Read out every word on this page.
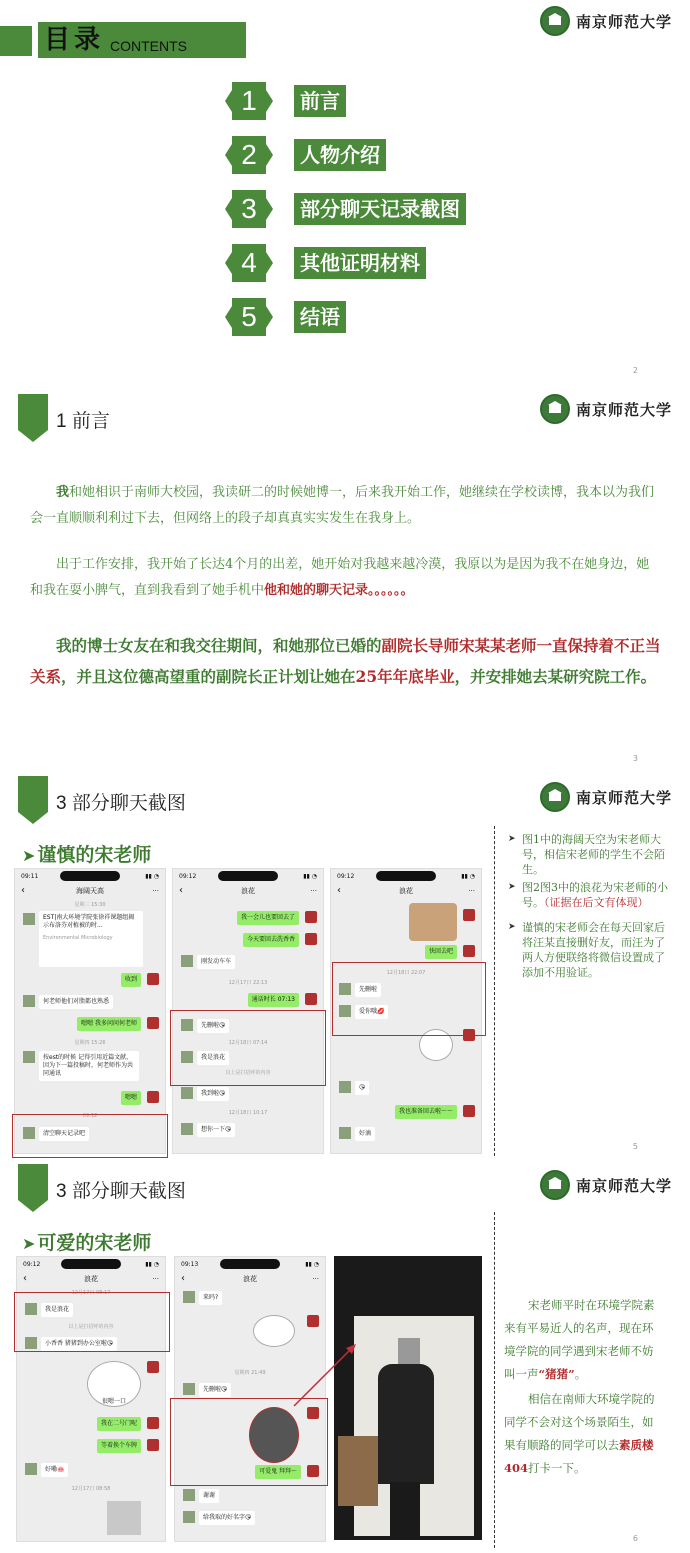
目录 CONTENTS
南京师范大学
1	前言
2	人物介绍
3	部分聊天记录截图
4	其他证明材料
5	结语
2
1 前言
南京师范大学

我和她相识于南师大校园，我读研二的时候她博一，后来我开始工作，她继续在学校读博，我本以为我们会一直顺顺利利过下去，但网络上的段子却真真实实发生在我身上。

出于工作安排，我开始了长达4个月的出差，她开始对我越来越冷漠，我原以为是因为我不在她身边，她和我在耍小脾气，直到我看到了她手机中他和她的聊天记录。。。。。。

我的博士女友在和我交往期间，和她那位已婚的副院长导师宋某某老师一直保持着不正当关系，并且这位德高望重的副院长正计划让她在25年年底毕业，并安排她去某研究院工作。

3
3 部分聊天截图	南京师范大学
➤ 谨慎的宋老师
09:11	▮▮ ◔
‹ 海阔天高 ···
星期三 15:30
EST|南大环境学院张徐祥课题组揭示布洛芬对植被的时...
Environmental Microbiology
收到
何老师他们对脂都也熟悉
嗯嗯 我多问问何老师
星期四 15:26
按est的时候 记得引用近篇文献，因为下一篇投稿时，何老师作为共同通讯
嗯嗯
09:12
清空聊天记录吧
09:12	▮▮ ◔
‹ 浪花 ···
我一会儿也要回去了
今天要回去洗香香
刚发动车车
12月17日 22:13
通话时长 07:13
先删啦😘
12月18日 07:14
我是浪花
以上是打招呼的内容
我到啦😘
12月18日 10:17
想你一下😘
09:12	▮▮ ◔
‹ 浪花 ···
快回去吧
12月18日 22:07
先删啦
爱你哦💋
😘
我也准备回去啦～～
好滴
➤ 图1中的海阔天空为宋老师大号，相信宋老师的学生不会陌生。
➤ 图2图3中的浪花为宋老师的小号。（证据在后文有体现）
➤ 谨慎的宋老师会在每天回家后将汪某直接删好友，而汪为了两人方便联络将微信设置成了添加不用验证。
5
3 部分聊天截图	南京师范大学
➤ 可爱的宋老师
09:12	▮▮ ◔
‹ 浪花 ···
12月17日 08:17
我是浪花
以上是打招呼的内容
小香香 猪猪到办公室啦😘
很嗯一口
我在二号门呢
等着换个车牌
好嘞🐽
12月17日 08:58
09:13	▮▮ ◔
‹ 浪花 ···
来吗?
星期四 21:49
先删啦😘
可爱鬼 拜拜～
谢谢
给我取的好名字😘

宋老师平时在环境学院素来有平易近人的名声，现在环境学院的同学遇到宋老师不妨叫一声“猪猪”。

相信在南师大环境学院的同学不会对这个场景陌生，如果有顺路的同学可以去素质楼404打卡一下。

6
